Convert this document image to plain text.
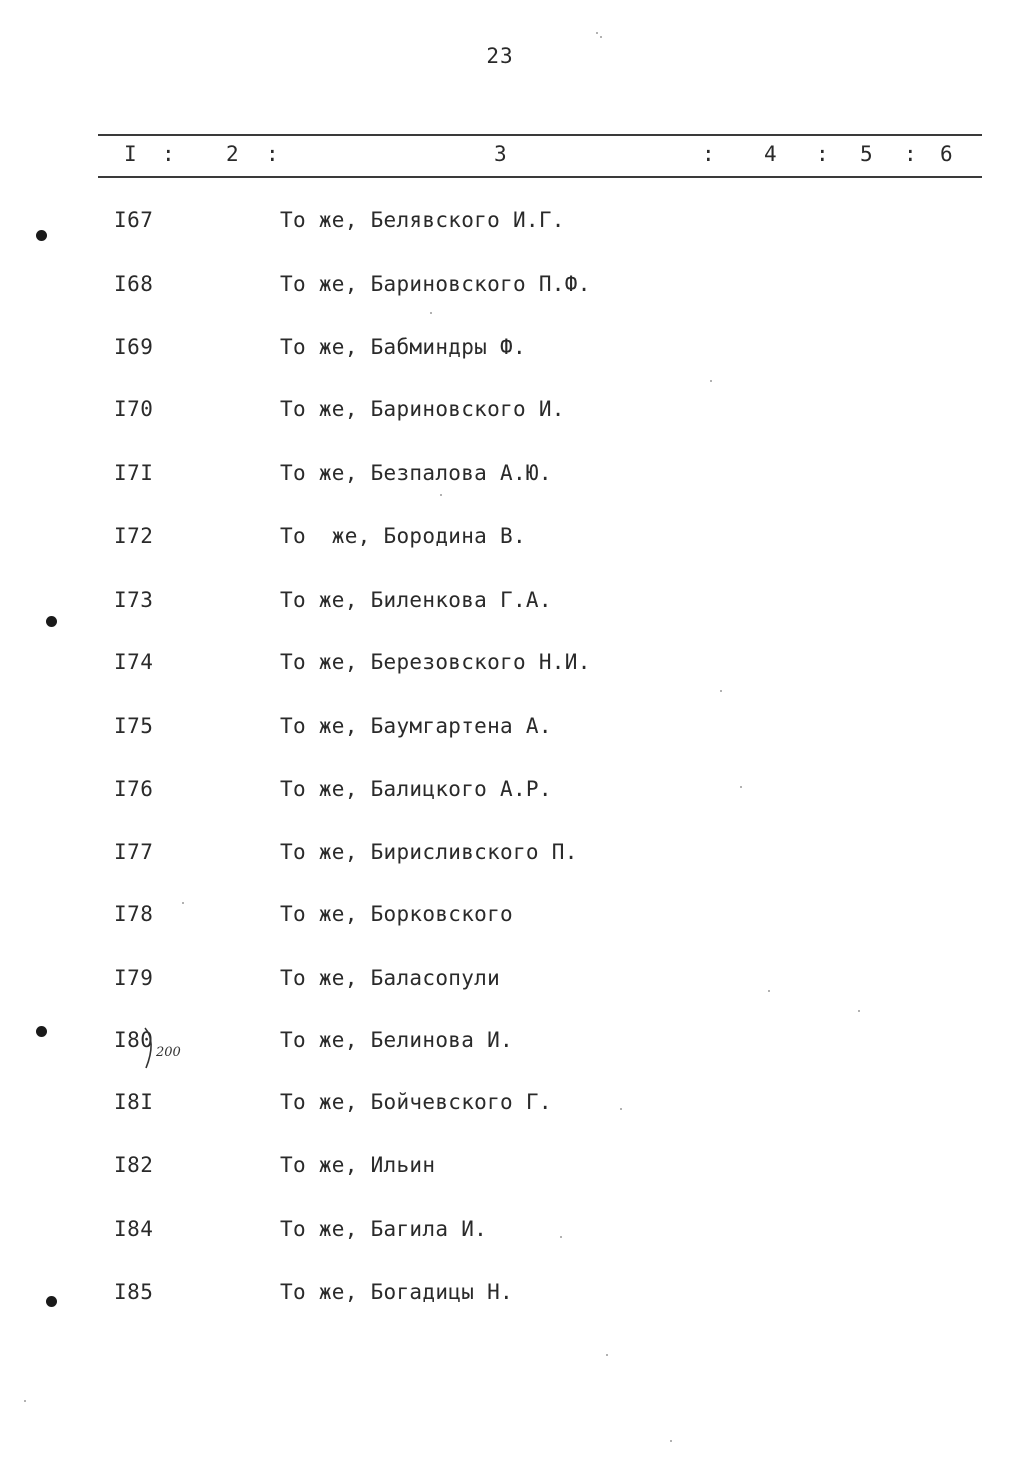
23
I : 2 :	3	: 4 : 5 : 6
I67	То же, Белявского И.Г.
I68	То же, Бариновского П.Ф.
I69	То же, Бабминдры Ф.
I70	То же, Бариновского И.
I7I	То же, Безпалова А.Ю.
I72	То  же, Бородина В.
I73	То же, Биленкова Г.А.
I74	То же, Березовского Н.И.
I75	То же, Баумгартена А.
I76	То же, Балицкого А.Р.
I77	То же, Бирисливского П.
I78	То же, Борковского
I79	То же, Баласопули
I80	То же, Белинова И.
I8I	То же, Бойчевского Г.
I82	То же, Ильин
I84	То же, Багила И.
I85	То же, Богадицы Н.
200
